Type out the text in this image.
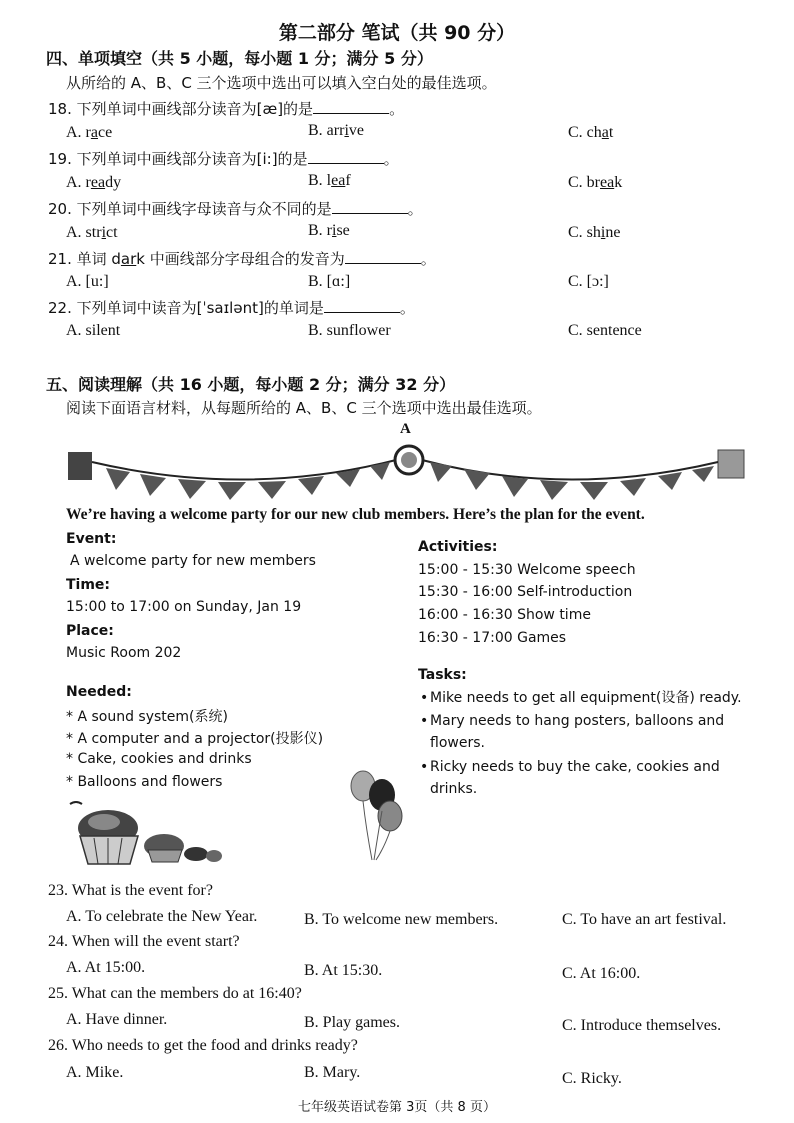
第二部分 笔试（共 90 分）
四、单项填空（共 5 小题，每小题 1 分；满分 5 分）
从所给的 A、B、C 三个选项中选出可以填入空白处的最佳选项。
18. 下列单词中画线部分读音为[æ]的是	。
A. race	B. arrive	C. chat
19. 下列单词中画线部分读音为[i:]的是	。
A. ready	B. leaf	C. break
20. 下列单词中画线字母读音与众不同的是	。
A. strict	B. rise	C. shine
21. 单词 dark 中画线部分字母组合的发音为	。
A. [u:]	B. [ɑ:]	C. [ɔ:]
22. 下列单词中读音为[ˈsaɪlənt]的单词是	。
A. silent	B. sunflower	C. sentence
五、阅读理解（共 16 小题，每小题 2 分；满分 32 分）
阅读下面语言材料，从每题所给的 A、B、C 三个选项中选出最佳选项。
A
We’re having a welcome party for our new club members. Here’s the plan for the event.
Event:
A welcome party for new members
Time:
15:00 to 17:00 on Sunday, Jan 19
Place:
Music Room 202
Needed:
* A sound system(系统)
* A computer and a projector(投影仪)
* Cake, cookies and drinks
* Balloons and flowers
Activities:
15:00 - 15:30 Welcome speech
15:30 - 16:00 Self-introduction
16:00 - 16:30 Show time
16:30 - 17:00 Games
Tasks:
• Mike needs to get all equipment(设备) ready.
• Mary needs to hang posters, balloons and flowers.
• Ricky needs to buy the cake, cookies and drinks.
23. What is the event for?
A. To celebrate the New Year.	B. To welcome new members.	C. To have an art festival.
24. When will the event start?
A. At 15:00.	B. At 15:30.	C. At 16:00.
25. What can the members do at 16:40?
A. Have dinner.	B. Play games.	C. Introduce themselves.
26. Who needs to get the food and drinks ready?
A. Mike.	B. Mary.	C. Ricky.
七年级英语试卷第 3页（共 8 页）
